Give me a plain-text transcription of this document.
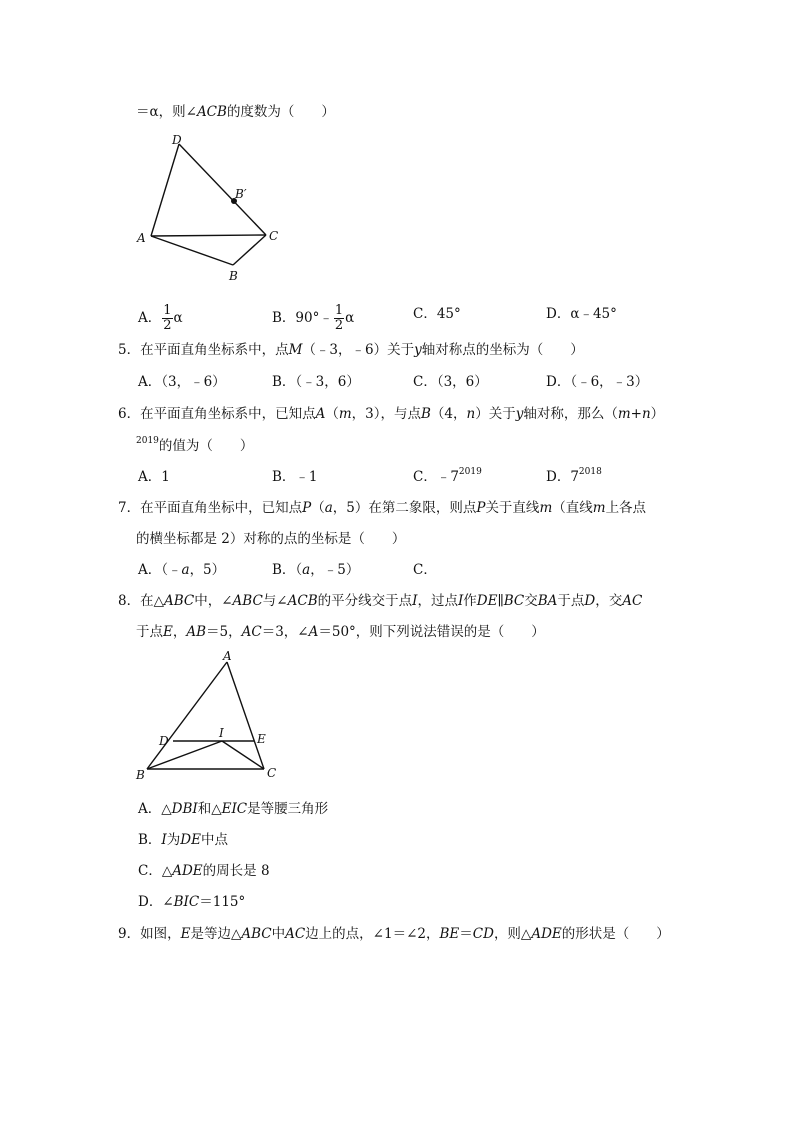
＝α，则∠ACB的度数为（　　）
D
B′
A	C
B
A． $\frac{1}{2}$ α	B．90°﹣ $\frac{1}{2}$ α	C．45°	D．α﹣45°
5．在平面直角坐标系中，点M（﹣3，﹣6）关于y轴对称点的坐标为（　　）
A．（3，﹣6）	B．（﹣3，6）	C．（3，6）	D．（﹣6，﹣3）
6．在平面直角坐标系中，已知点A（m，3），与点B（4，n）关于y轴对称，那么（m+n）
$^{2019}$的值为（　　）
A．1	B．﹣1	C．$﹣7^{2019}$	D．$7^{2018}$
7．在平面直角坐标中，已知点P（a，5）在第二象限，则点P关于直线m（直线m上各点
的横坐标都是 2）对称的点的坐标是（　　）
A．（﹣a，5）	B．（a，﹣5）	C．
8．在△ABC中，∠ABC与∠ACB的平分线交于点I，过点I作DE∥BC交BA于点D，交AC
于点E，AB＝5，AC＝3，∠A＝50°，则下列说法错误的是（　　）
A
D
I	E
B	C
A．△DBI和△EIC是等腰三角形
B．I为DE中点
C．△ADE的周长是 8
D．∠BIC＝115°
9．如图，E是等边△ABC中AC边上的点，∠1＝∠2，BE＝CD，则△ADE的形状是（　　）
